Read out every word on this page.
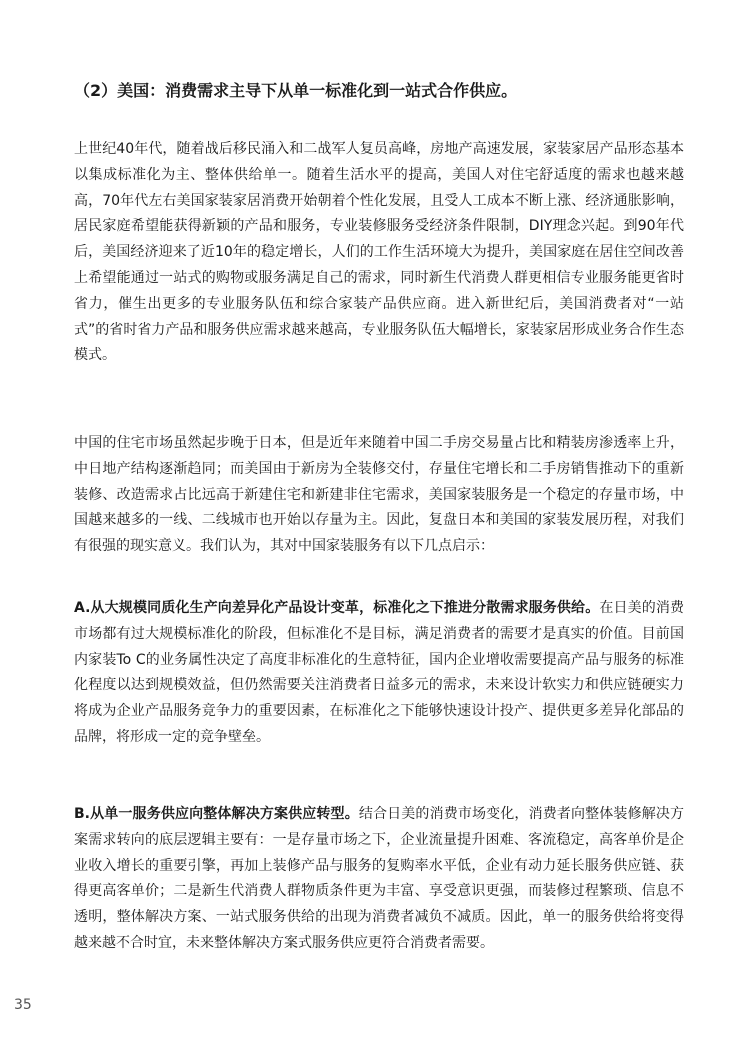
（2）美国：消费需求主导下从单一标准化到一站式合作供应。
上世纪40年代，随着战后移民涌入和二战军人复员高峰，房地产高速发展，家装家居产品形态基本以集成标准化为主、整体供给单一。随着生活水平的提高，美国人对住宅舒适度的需求也越来越高，70年代左右美国家装家居消费开始朝着个性化发展，且受人工成本不断上涨、经济通胀影响，居民家庭希望能获得新颖的产品和服务，专业装修服务受经济条件限制，DIY理念兴起。到90年代后，美国经济迎来了近10年的稳定增长，人们的工作生活环境大为提升，美国家庭在居住空间改善上希望能通过一站式的购物或服务满足自己的需求，同时新生代消费人群更相信专业服务能更省时省力，催生出更多的专业服务队伍和综合家装产品供应商。进入新世纪后，美国消费者对“一站式”的省时省力产品和服务供应需求越来越高，专业服务队伍大幅增长，家装家居形成业务合作生态模式。
中国的住宅市场虽然起步晚于日本，但是近年来随着中国二手房交易量占比和精装房渗透率上升，中日地产结构逐渐趋同；而美国由于新房为全装修交付，存量住宅增长和二手房销售推动下的重新装修、改造需求占比远高于新建住宅和新建非住宅需求，美国家装服务是一个稳定的存量市场，中国越来越多的一线、二线城市也开始以存量为主。因此，复盘日本和美国的家装发展历程，对我们有很强的现实意义。我们认为，其对中国家装服务有以下几点启示：
A.从大规模同质化生产向差异化产品设计变革，标准化之下推进分散需求服务供给。在日美的消费市场都有过大规模标准化的阶段，但标准化不是目标，满足消费者的需要才是真实的价值。目前国内家装To C的业务属性决定了高度非标准化的生意特征，国内企业增收需要提高产品与服务的标准化程度以达到规模效益，但仍然需要关注消费者日益多元的需求，未来设计软实力和供应链硬实力将成为企业产品服务竞争力的重要因素，在标准化之下能够快速设计投产、提供更多差异化部品的品牌，将形成一定的竞争壁垒。
B.从单一服务供应向整体解决方案供应转型。结合日美的消费市场变化，消费者向整体装修解决方案需求转向的底层逻辑主要有：一是存量市场之下，企业流量提升困难、客流稳定，高客单价是企业收入增长的重要引擎，再加上装修产品与服务的复购率水平低，企业有动力延长服务供应链、获得更高客单价；二是新生代消费人群物质条件更为丰富、享受意识更强，而装修过程繁琐、信息不透明，整体解决方案、一站式服务供给的出现为消费者减负不减质。因此，单一的服务供给将变得越来越不合时宜，未来整体解决方案式服务供应更符合消费者需要。
35
